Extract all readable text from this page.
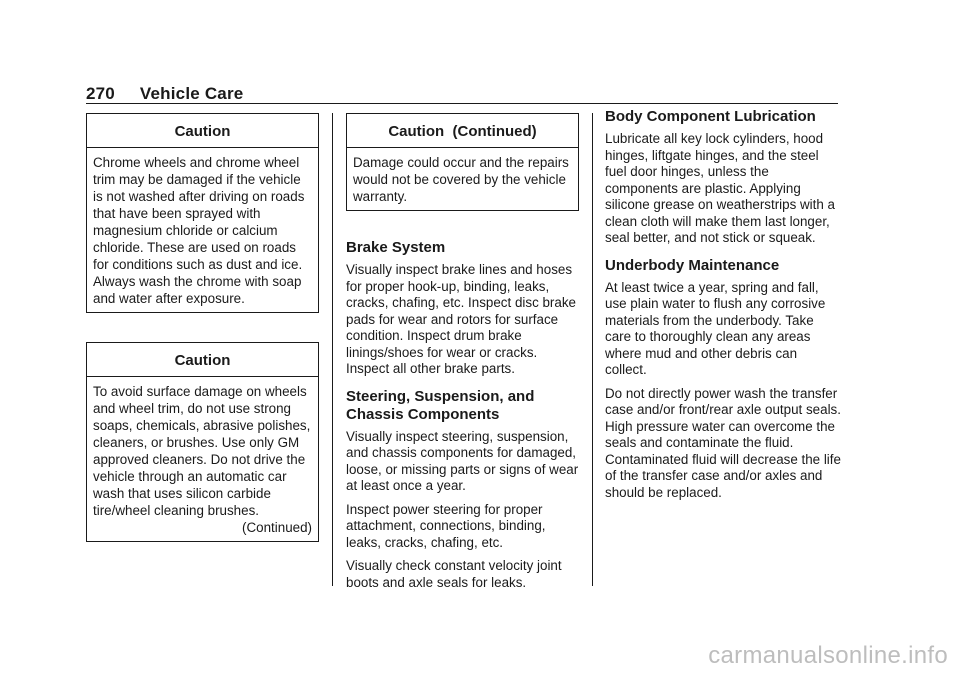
270 Vehicle Care
Caution
Chrome wheels and chrome wheel trim may be damaged if the vehicle is not washed after driving on roads that have been sprayed with magnesium chloride or calcium chloride. These are used on roads for conditions such as dust and ice. Always wash the chrome with soap and water after exposure.
Caution
To avoid surface damage on wheels and wheel trim, do not use strong soaps, chemicals, abrasive polishes, cleaners, or brushes. Use only GM approved cleaners. Do not drive the vehicle through an automatic car wash that uses silicon carbide tire/wheel cleaning brushes.
(Continued)
Caution  (Continued)
Damage could occur and the repairs would not be covered by the vehicle warranty.
Brake System

Visually inspect brake lines and hoses for proper hook-up, binding, leaks, cracks, chafing, etc. Inspect disc brake pads for wear and rotors for surface condition. Inspect drum brake linings/shoes for wear or cracks. Inspect all other brake parts.

Steering, Suspension, and Chassis Components

Visually inspect steering, suspension, and chassis components for damaged, loose, or missing parts or signs of wear at least once a year.

Inspect power steering for proper attachment, connections, binding, leaks, cracks, chafing, etc.

Visually check constant velocity joint boots and axle seals for leaks.

Body Component Lubrication

Lubricate all key lock cylinders, hood hinges, liftgate hinges, and the steel fuel door hinges, unless the components are plastic. Applying silicone grease on weatherstrips with a clean cloth will make them last longer, seal better, and not stick or squeak.

Underbody Maintenance

At least twice a year, spring and fall, use plain water to flush any corrosive materials from the underbody. Take care to thoroughly clean any areas where mud and other debris can collect.

Do not directly power wash the transfer case and/or front/rear axle output seals. High pressure water can overcome the seals and contaminate the fluid. Contaminated fluid will decrease the life of the transfer case and/or axles and should be replaced.

carmanualsonline.info
